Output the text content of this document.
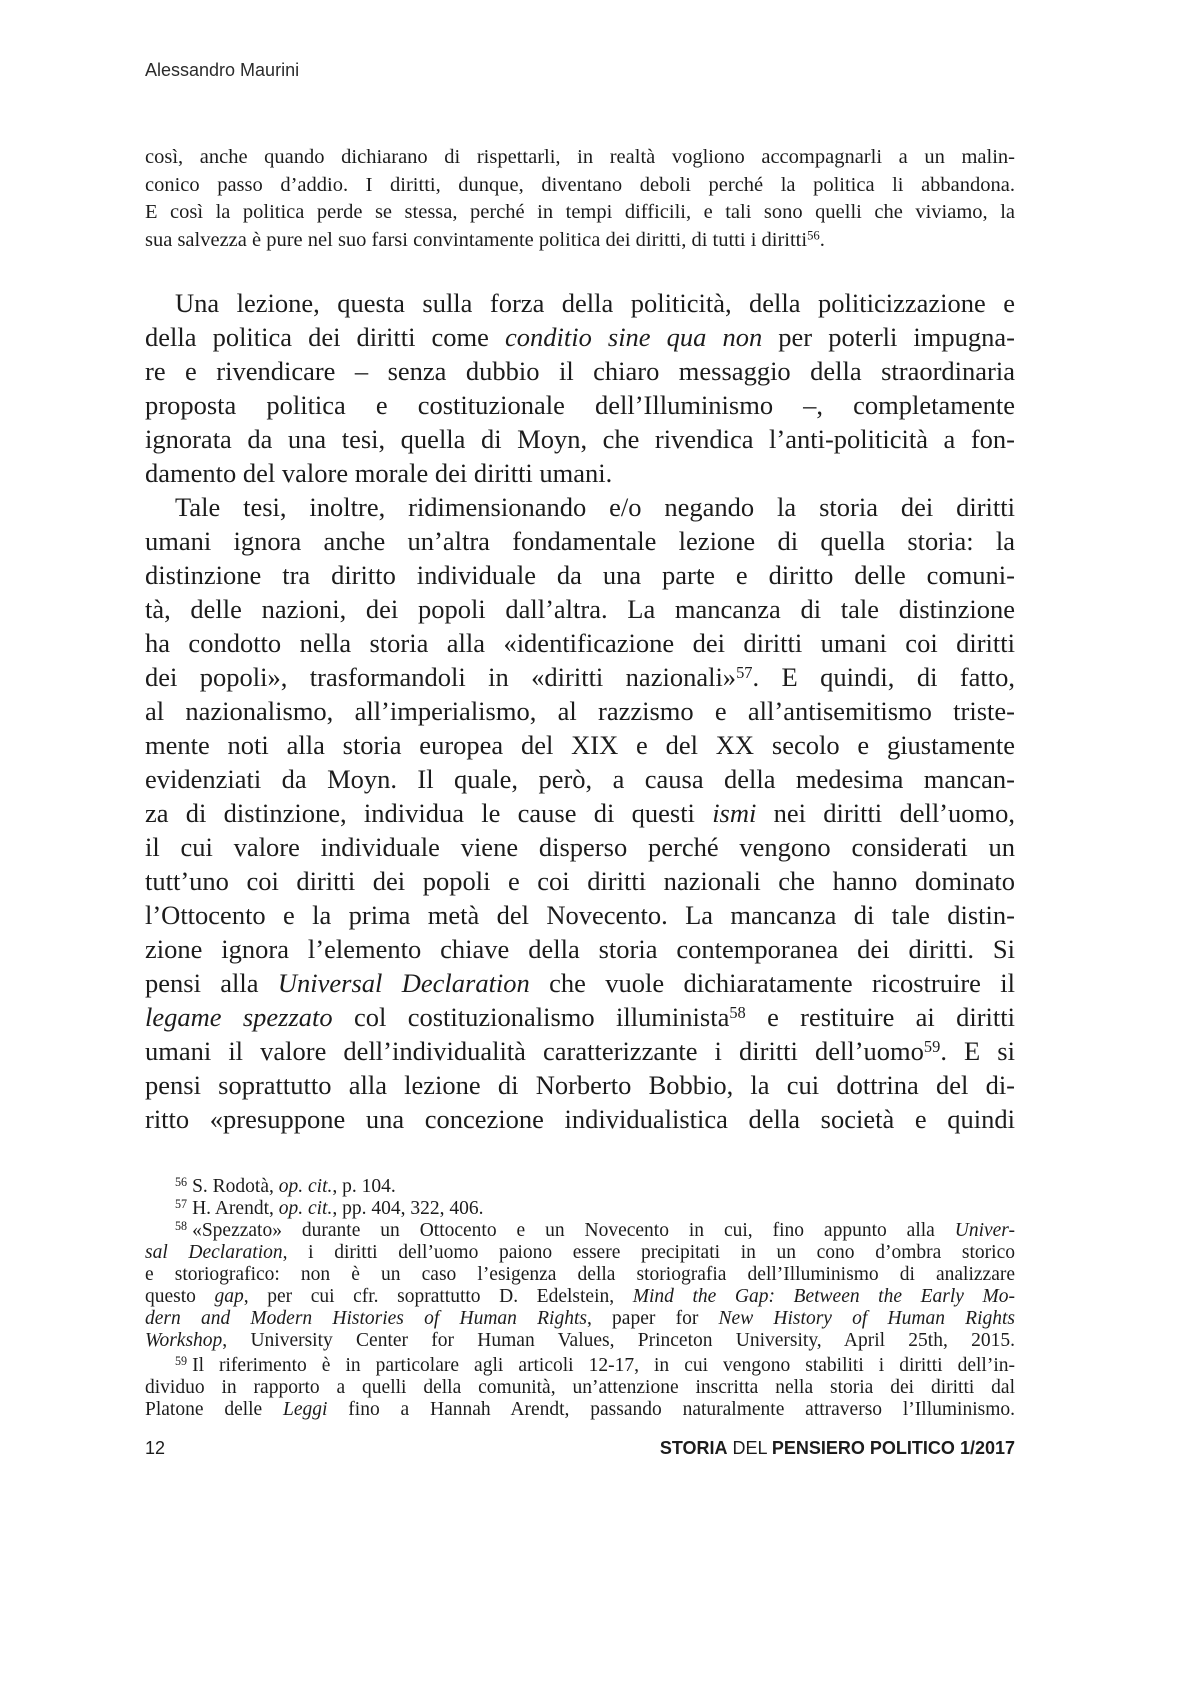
Alessandro Maurini
così, anche quando dichiarano di rispettarli, in realtà vogliono accompagnarli a un malin-
conico passo d’addio. I diritti, dunque, diventano deboli perché la politica li abbandona.
E così la politica perde se stessa, perché in tempi difficili, e tali sono quelli che viviamo, la
sua salvezza è pure nel suo farsi convintamente politica dei diritti, di tutti i diritti$^{56}$.
Una lezione, questa sulla forza della politicità, della politicizzazione e
della politica dei diritti come conditio sine qua non per poterli impugna-
re e rivendicare – senza dubbio il chiaro messaggio della straordinaria
proposta politica e costituzionale dell’Illuminismo –, completamente
ignorata da una tesi, quella di Moyn, che rivendica l’anti-politicità a fon-
damento del valore morale dei diritti umani.
Tale tesi, inoltre, ridimensionando e/o negando la storia dei diritti
umani ignora anche un’altra fondamentale lezione di quella storia: la
distinzione tra diritto individuale da una parte e diritto delle comuni-
tà, delle nazioni, dei popoli dall’altra. La mancanza di tale distinzione
ha condotto nella storia alla «identificazione dei diritti umani coi diritti
dei popoli», trasformandoli in «diritti nazionali»$^{57}$. E quindi, di fatto,
al nazionalismo, all’imperialismo, al razzismo e all’antisemitismo triste-
mente noti alla storia europea del XIX e del XX secolo e giustamente
evidenziati da Moyn. Il quale, però, a causa della medesima mancan-
za di distinzione, individua le cause di questi ismi nei diritti dell’uomo,
il cui valore individuale viene disperso perché vengono considerati un
tutt’uno coi diritti dei popoli e coi diritti nazionali che hanno dominato
l’Ottocento e la prima metà del Novecento. La mancanza di tale distin-
zione ignora l’elemento chiave della storia contemporanea dei diritti. Si
pensi alla Universal Declaration che vuole dichiaratamente ricostruire il
legame spezzato col costituzionalismo illuminista$^{58}$ e restituire ai diritti
umani il valore dell’individualità caratterizzante i diritti dell’uomo$^{59}$. E si
pensi soprattutto alla lezione di Norberto Bobbio, la cui dottrina del di-
ritto «presuppone una concezione individualistica della società e quindi
$^{56}$ S. Rodotà, op. cit., p. 104.
$^{57}$ H. Arendt, op. cit., pp. 404, 322, 406.
$^{58}$ «Spezzato» durante un Ottocento e un Novecento in cui, fino appunto alla Univer-
sal Declaration, i diritti dell’uomo paiono essere precipitati in un cono d’ombra storico
e storiografico: non è un caso l’esigenza della storiografia dell’Illuminismo di analizzare
questo gap, per cui cfr. soprattutto D. Edelstein, Mind the Gap: Between the Early Mo-
dern and Modern Histories of Human Rights, paper for New History of Human Rights
Workshop, University Center for Human Values, Princeton University, April 25th, 2015.
$^{59}$ Il riferimento è in particolare agli articoli 12-17, in cui vengono stabiliti i diritti dell’in-
dividuo in rapporto a quelli della comunità, un’attenzione inscritta nella storia dei diritti dal
Platone delle Leggi fino a Hannah Arendt, passando naturalmente attraverso l’Illuminismo.
12	STORIA DEL PENSIERO POLITICO 1/2017
